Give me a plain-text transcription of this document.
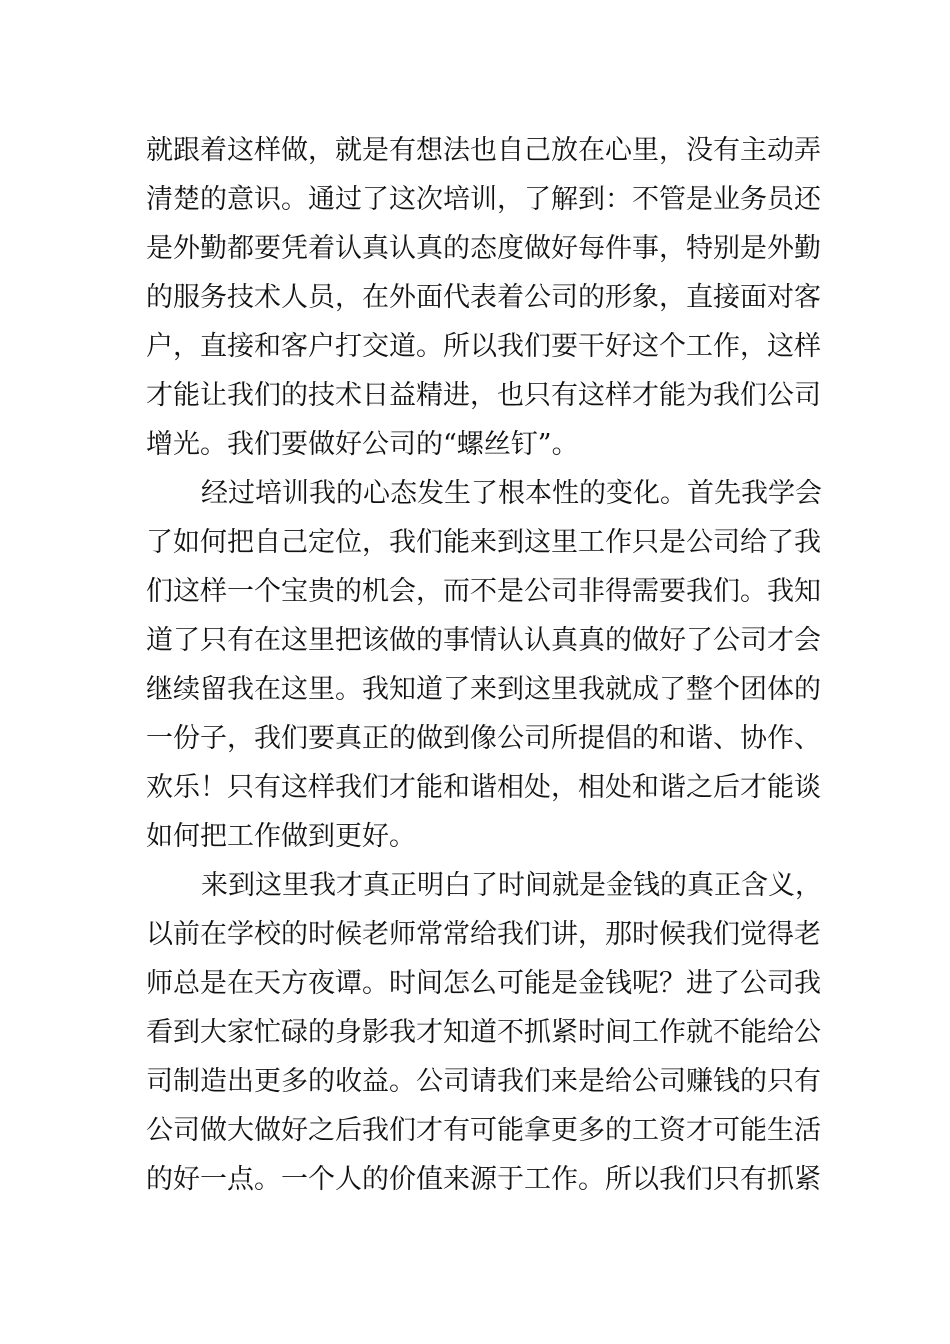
就跟着这样做，就是有想法也自己放在心里，没有主动弄
清楚的意识。通过了这次培训，了解到：不管是业务员还
是外勤都要凭着认真认真的态度做好每件事，特别是外勤
的服务技术人员，在外面代表着公司的形象，直接面对客
户，直接和客户打交道。所以我们要干好这个工作，这样
才能让我们的技术日益精进，也只有这样才能为我们公司
增光。我们要做好公司的“螺丝钉”。
经过培训我的心态发生了根本性的变化。首先我学会
了如何把自己定位，我们能来到这里工作只是公司给了我
们这样一个宝贵的机会，而不是公司非得需要我们。我知
道了只有在这里把该做的事情认认真真的做好了公司才会
继续留我在这里。我知道了来到这里我就成了整个团体的
一份子，我们要真正的做到像公司所提倡的和谐、协作、
欢乐！只有这样我们才能和谐相处，相处和谐之后才能谈
如何把工作做到更好。
来到这里我才真正明白了时间就是金钱的真正含义，
以前在学校的时候老师常常给我们讲，那时候我们觉得老
师总是在天方夜谭。时间怎么可能是金钱呢？进了公司我
看到大家忙碌的身影我才知道不抓紧时间工作就不能给公
司制造出更多的收益。公司请我们来是给公司赚钱的只有
公司做大做好之后我们才有可能拿更多的工资才可能生活
的好一点。一个人的价值来源于工作。所以我们只有抓紧
